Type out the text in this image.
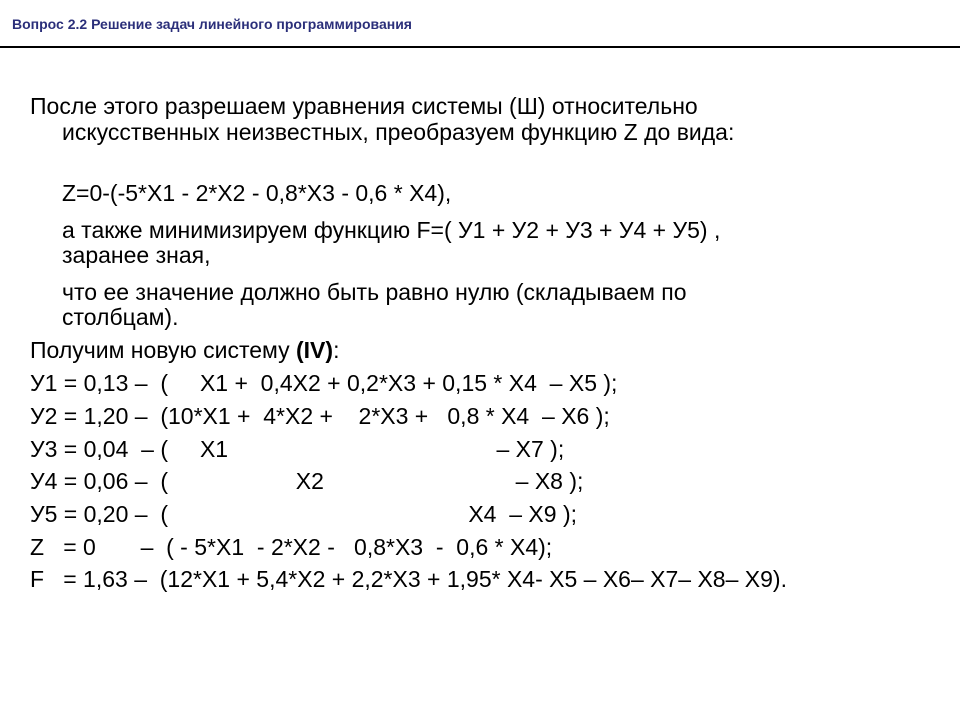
Вопрос 2.2 Решение задач линейного программирования
После этого разрешаем уравнения системы (Ш) относительно
искусственных неизвестных, преобразуем функцию Z до вида:
Z=0-(-5*X1 - 2*X2 - 0,8*X3 - 0,6 * X4),
а также минимизируем функцию F=( У1 + У2 + У3 + У4 + У5) ,
заранее зная,
что ее значение должно быть равно нулю (складываем по
столбцам).
Получим новую систему (IV):
У1 = 0,13 –  (     X1 +  0,4X2 + 0,2*X3 + 0,15 * X4  – X5 );
У2 = 1,20 –  (10*X1 +  4*X2 +    2*X3 +   0,8 * X4  – X6 );
У3 = 0,04  – (     X1                                          – X7 );
У4 = 0,06 –  (                    X2                              – X8 );
У5 = 0,20 –  (                                               X4  – X9 );
Z   = 0       –  ( - 5*X1  - 2*X2 -   0,8*X3  -  0,6 * X4);
F   = 1,63 –  (12*X1 + 5,4*X2 + 2,2*X3 + 1,95* X4- X5 – X6– X7– X8– X9).
